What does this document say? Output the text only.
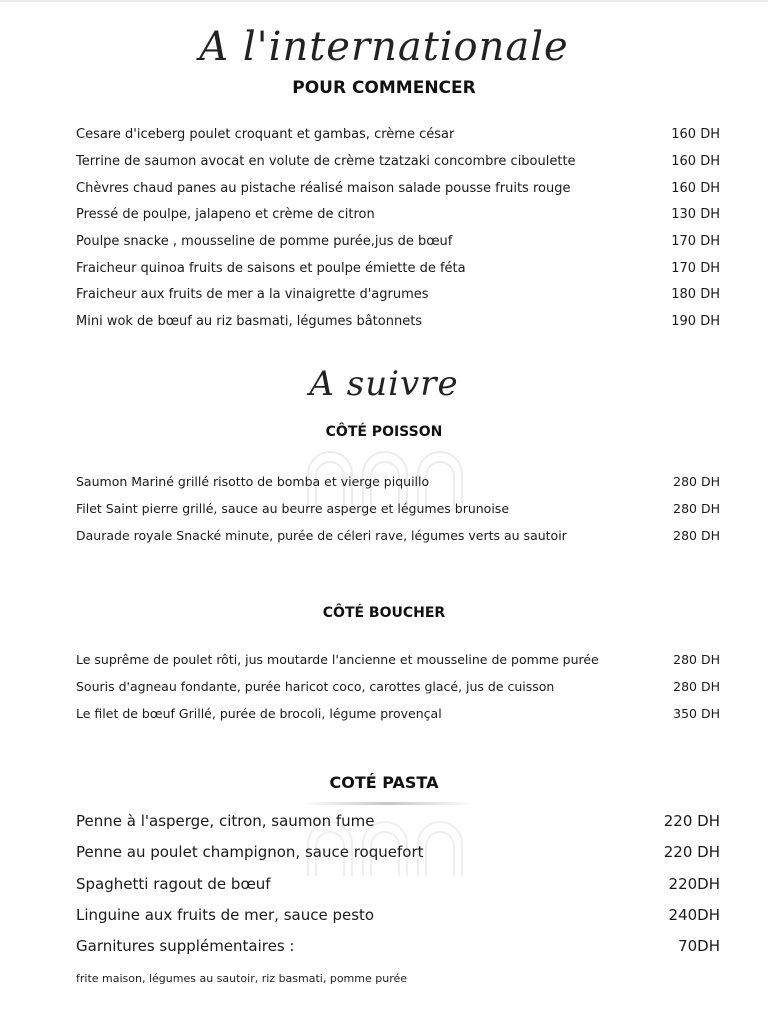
A l'internationale
POUR COMMENCER
Cesare d'iceberg poulet croquant et gambas, crème césar	160 DH
Terrine de saumon avocat en volute de crème tzatzaki concombre ciboulette	160 DH
Chèvres chaud panes au pistache réalisé maison salade pousse fruits rouge	160 DH
Pressé de poulpe, jalapeno et crème de citron	130 DH
Poulpe snacke , mousseline de pomme purée,jus de bœuf	170 DH
Fraicheur quinoa fruits de saisons et poulpe émiette de féta	170 DH
Fraicheur aux fruits de mer a la vinaigrette d'agrumes	180 DH
Mini wok de bœuf au riz basmati, légumes bâtonnets	190 DH
A suivre
CÔTÉ POISSON
Saumon Mariné grillé risotto de bomba et vierge piquillo	280 DH
Filet Saint pierre grillé, sauce au beurre asperge et légumes brunoise	280 DH
Daurade royale Snacké minute, purée de céleri rave, légumes verts au sautoir	280 DH
CÔTÉ BOUCHER
Le suprême de poulet rôti, jus moutarde l'ancienne et mousseline de pomme purée	280 DH
Souris d'agneau fondante, purée haricot coco, carottes glacé, jus de cuisson	280 DH
Le filet de bœuf Grillé, purée de brocoli, légume provençal	350 DH
COTÉ PASTA
Penne à l'asperge, citron, saumon fume	220 DH
Penne au poulet champignon, sauce roquefort	220 DH
Spaghetti ragout de bœuf	220DH
Linguine aux fruits de mer, sauce pesto	240DH
Garnitures supplémentaires :	70DH
frite maison, légumes au sautoir, riz basmati, pomme purée
